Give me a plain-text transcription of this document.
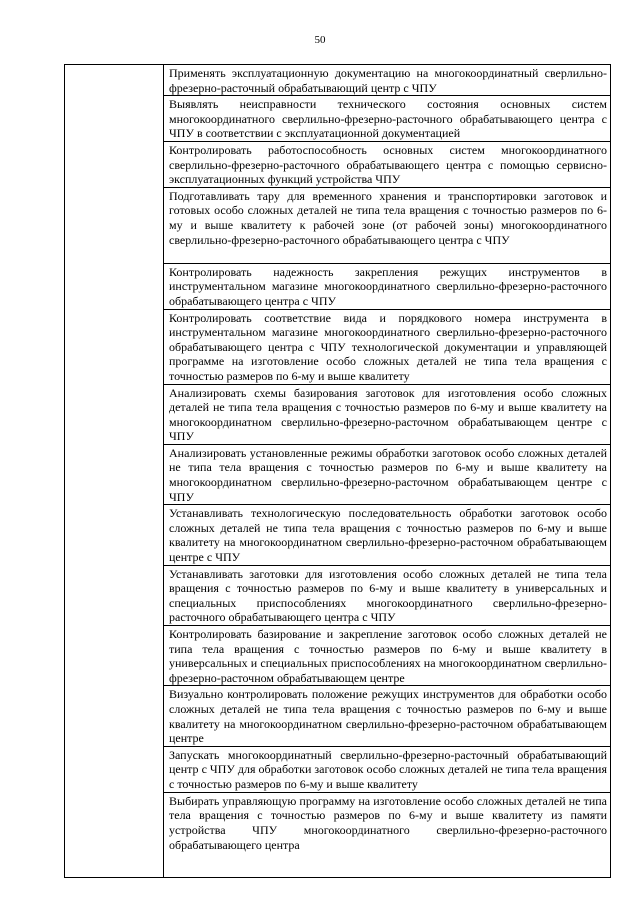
50

Применять эксплуатационную документацию на многокоординатный сверлильно-фрезерно-расточный обрабатывающий центр с ЧПУ

Выявлять неисправности технического состояния основных систем многокоординатного сверлильно-фрезерно-расточного обрабатывающего центра с ЧПУ в соответствии с эксплуатационной документацией

Контролировать работоспособность основных систем многокоординатного сверлильно-фрезерно-расточного обрабатывающего центра с помощью сервисно-эксплуатационных функций устройства ЧПУ

Подготавливать тару для временного хранения и транспортировки заготовок и готовых особо сложных деталей не типа тела вращения с точностью размеров по 6-му и выше квалитету к рабочей зоне (от рабочей зоны) многокоординатного сверлильно-фрезерно-расточного обрабатывающего центра с ЧПУ

Контролировать надежность закрепления режущих инструментов в инструментальном магазине многокоординатного сверлильно-фрезерно-расточного обрабатывающего центра с ЧПУ

Контролировать соответствие вида и порядкового номера инструмента в инструментальном магазине многокоординатного сверлильно-фрезерно-расточного обрабатывающего центра с ЧПУ технологической документации и управляющей программе на изготовление особо сложных деталей не типа тела вращения с точностью размеров по 6-му и выше квалитету

Анализировать схемы базирования заготовок для изготовления особо сложных деталей не типа тела вращения с точностью размеров по 6-му и выше квалитету на многокоординатном сверлильно-фрезерно-расточном обрабатывающем центре с ЧПУ

Анализировать установленные режимы обработки заготовок особо сложных деталей не типа тела вращения с точностью размеров по 6-му и выше квалитету на многокоординатном сверлильно-фрезерно-расточном обрабатывающем центре с ЧПУ

Устанавливать технологическую последовательность обработки заготовок особо сложных деталей не типа тела вращения с точностью размеров по 6-му и выше квалитету на многокоординатном сверлильно-фрезерно-расточном обрабатывающем центре с ЧПУ

Устанавливать заготовки для изготовления особо сложных деталей не типа тела вращения с точностью размеров по 6-му и выше квалитету в универсальных и специальных приспособлениях многокоординатного сверлильно-фрезерно-расточного обрабатывающего центра с ЧПУ

Контролировать базирование и закрепление заготовок особо сложных деталей не типа тела вращения с точностью размеров по 6-му и выше квалитету в универсальных и специальных приспособлениях на многокоординатном сверлильно-фрезерно-расточном обрабатывающем центре

Визуально контролировать положение режущих инструментов для обработки особо сложных деталей не типа тела вращения с точностью размеров по 6-му и выше квалитету на многокоординатном сверлильно-фрезерно-расточном обрабатывающем центре

Запускать многокоординатный сверлильно-фрезерно-расточный обрабатывающий центр с ЧПУ для обработки заготовок особо сложных деталей не типа тела вращения с точностью размеров по 6-му и выше квалитету

Выбирать управляющую программу на изготовление особо сложных деталей не типа тела вращения с точностью размеров по 6-му и выше квалитету из памяти устройства ЧПУ многокоординатного сверлильно-фрезерно-расточного обрабатывающего центра
